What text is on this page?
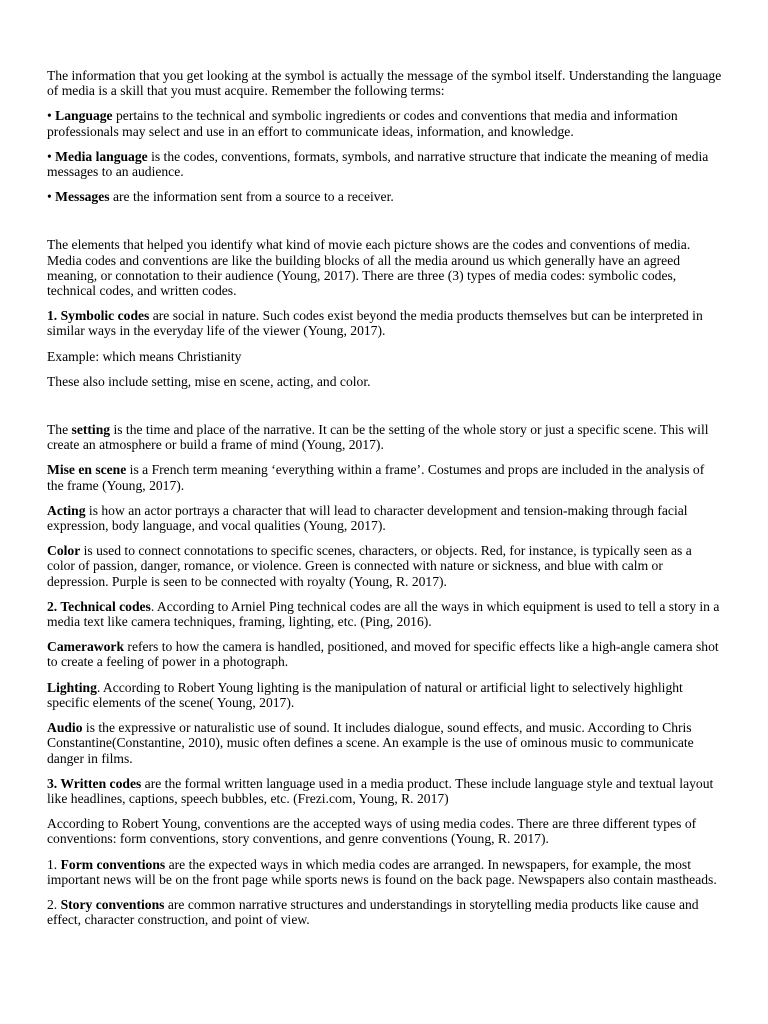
The information that you get looking at the symbol is actually the message of the symbol itself. Understanding the language of media is a skill that you must acquire. Remember the following terms:

• Language pertains to the technical and symbolic ingredients or codes and conventions that media and information professionals may select and use in an effort to communicate ideas, information, and knowledge.

• Media language is the codes, conventions, formats, symbols, and narrative structure that indicate the meaning of media messages to an audience.

• Messages are the information sent from a source to a receiver.

The elements that helped you identify what kind of movie each picture shows are the codes and conventions of media. Media codes and conventions are like the building blocks of all the media around us which generally have an agreed meaning, or connotation to their audience (Young, 2017). There are three (3) types of media codes: symbolic codes, technical codes, and written codes.

1. Symbolic codes are social in nature. Such codes exist beyond the media products themselves but can be interpreted in similar ways in the everyday life of the viewer (Young, 2017).

Example: which means Christianity

These also include setting, mise en scene, acting, and color.

The setting is the time and place of the narrative. It can be the setting of the whole story or just a specific scene. This will create an atmosphere or build a frame of mind (Young, 2017).

Mise en scene is a French term meaning ‘everything within a frame’. Costumes and props are included in the analysis of the frame (Young, 2017).

Acting is how an actor portrays a character that will lead to character development and tension-making through facial expression, body language, and vocal qualities (Young, 2017).

Color is used to connect connotations to specific scenes, characters, or objects. Red, for instance, is typically seen as a color of passion, danger, romance, or violence. Green is connected with nature or sickness, and blue with calm or depression. Purple is seen to be connected with royalty (Young, R. 2017).

2. Technical codes. According to Arniel Ping technical codes are all the ways in which equipment is used to tell a story in a media text like camera techniques, framing, lighting, etc. (Ping, 2016).

Camerawork refers to how the camera is handled, positioned, and moved for specific effects like a high-angle camera shot to create a feeling of power in a photograph.

Lighting. According to Robert Young lighting is the manipulation of natural or artificial light to selectively highlight specific elements of the scene( Young, 2017).

Audio is the expressive or naturalistic use of sound. It includes dialogue, sound effects, and music. According to Chris Constantine(Constantine, 2010), music often defines a scene. An example is the use of ominous music to communicate danger in films.

3. Written codes are the formal written language used in a media product. These include language style and textual layout like headlines, captions, speech bubbles, etc. (Frezi.com, Young, R. 2017)

According to Robert Young, conventions are the accepted ways of using media codes. There are three different types of conventions: form conventions, story conventions, and genre conventions (Young, R. 2017).

1. Form conventions are the expected ways in which media codes are arranged. In newspapers, for example, the most important news will be on the front page while sports news is found on the back page. Newspapers also contain mastheads.

2. Story conventions are common narrative structures and understandings in storytelling media products like cause and effect, character construction, and point of view.
